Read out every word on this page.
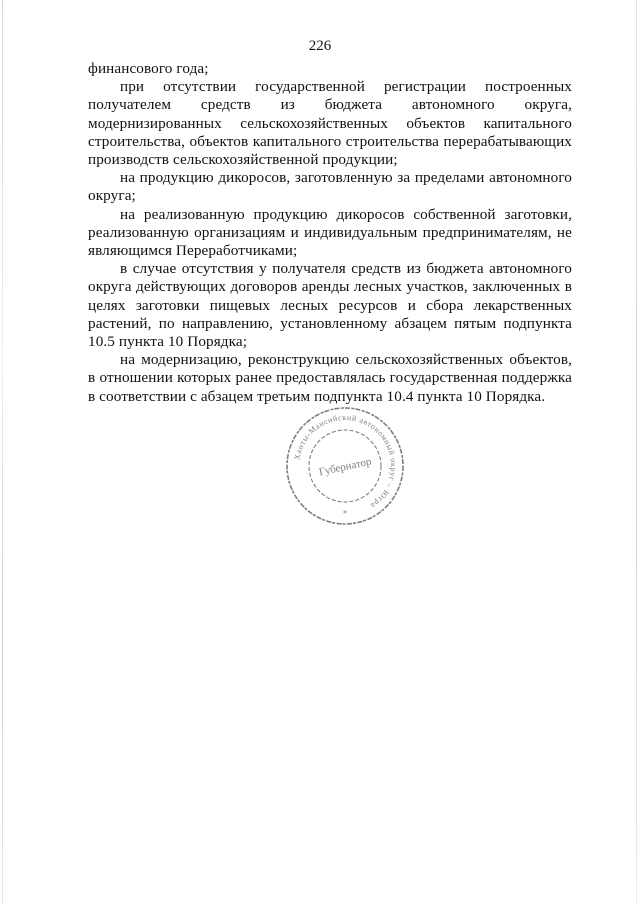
226

финансового года;

при отсутствии государственной регистрации построенных получателем средств из бюджета автономного округа, модернизированных сельскохозяйственных объектов капитального строительства, объектов капитального строительства перерабатывающих производств сельскохозяйственной продукции;

на продукцию дикоросов, заготовленную за пределами автономного округа;

на реализованную продукцию дикоросов собственной заготовки, реализованную организациям и индивидуальным предпринимателям, не являющимся Переработчиками;

в случае отсутствия у получателя средств из бюджета автономного округа действующих договоров аренды лесных участков, заключенных в целях заготовки пищевых лесных ресурсов и сбора лекарственных растений, по направлению, установленному абзацем пятым подпункта 10.5 пункта 10 Порядка;

на модернизацию, реконструкцию сельскохозяйственных объектов, в отношении которых ранее предоставлялась государственная поддержка в соответствии с абзацем третьим подпункта 10.4 пункта 10 Порядка.

Ханты-Мансийский автономный округ – Югра
Губернатор
*
